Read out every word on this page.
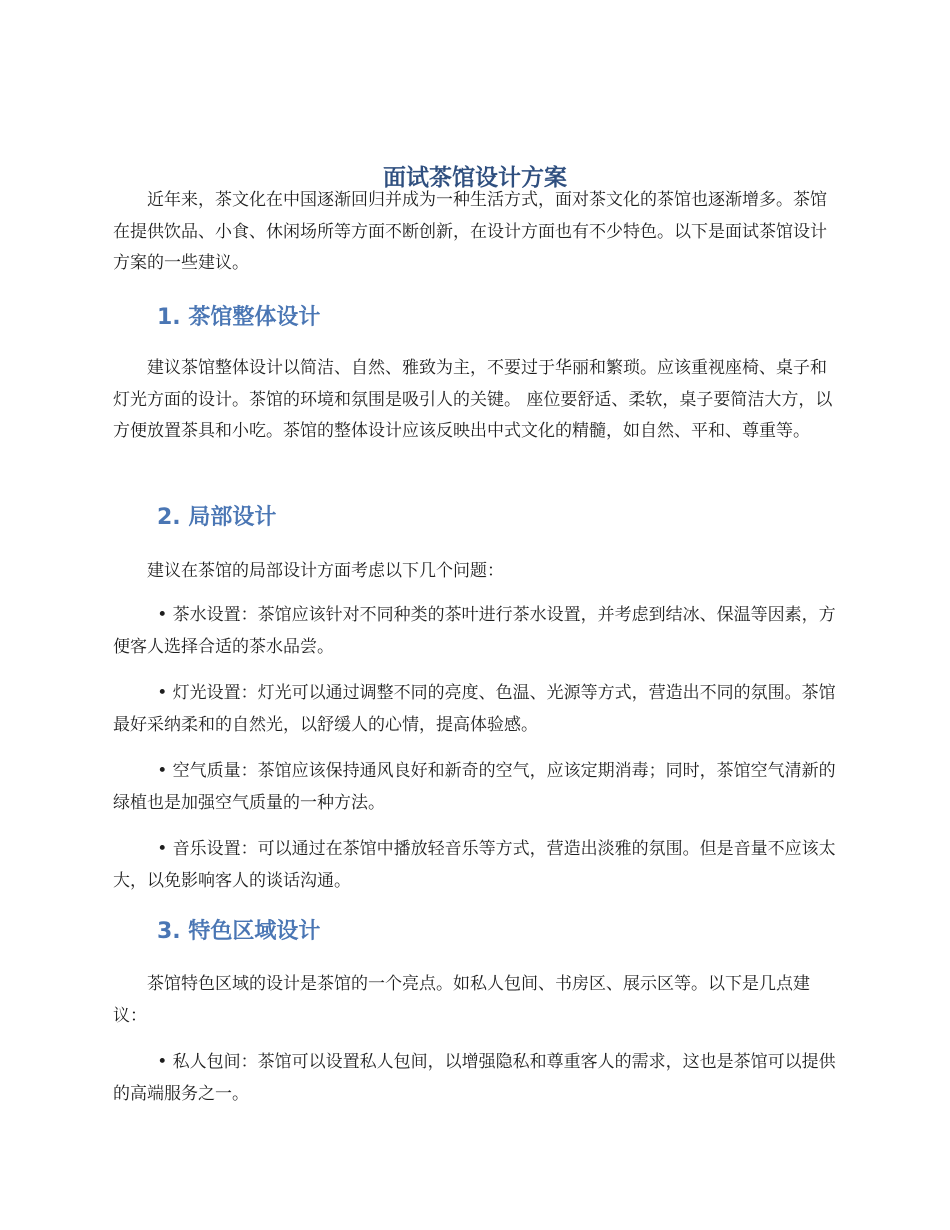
面试茶馆设计方案

近年来，茶文化在中国逐渐回归并成为一种生活方式，面对茶文化的茶馆也逐渐增多。茶馆在提供饮品、小食、休闲场所等方面不断创新，在设计方面也有不少特色。以下是面试茶馆设计方案的一些建议。

1. 茶馆整体设计

建议茶馆整体设计以简洁、自然、雅致为主，不要过于华丽和繁琐。应该重视座椅、桌子和灯光方面的设计。茶馆的环境和氛围是吸引人的关键。 座位要舒适、柔软，桌子要简洁大方，以方便放置茶具和小吃。茶馆的整体设计应该反映出中式文化的精髓，如自然、平和、尊重等。

2. 局部设计

建议在茶馆的局部设计方面考虑以下几个问题：

• 茶水设置：茶馆应该针对不同种类的茶叶进行茶水设置，并考虑到结冰、保温等因素，方便客人选择合适的茶水品尝。

• 灯光设置：灯光可以通过调整不同的亮度、色温、光源等方式，营造出不同的氛围。茶馆最好采纳柔和的自然光，以舒缓人的心情，提高体验感。

• 空气质量：茶馆应该保持通风良好和新奇的空气，应该定期消毒；同时，茶馆空气清新的绿植也是加强空气质量的一种方法。

• 音乐设置：可以通过在茶馆中播放轻音乐等方式，营造出淡雅的氛围。但是音量不应该太大，以免影响客人的谈话沟通。

3. 特色区域设计

茶馆特色区域的设计是茶馆的一个亮点。如私人包间、书房区、展示区等。以下是几点建议：

• 私人包间：茶馆可以设置私人包间，以增强隐私和尊重客人的需求，这也是茶馆可以提供的高端服务之一。
